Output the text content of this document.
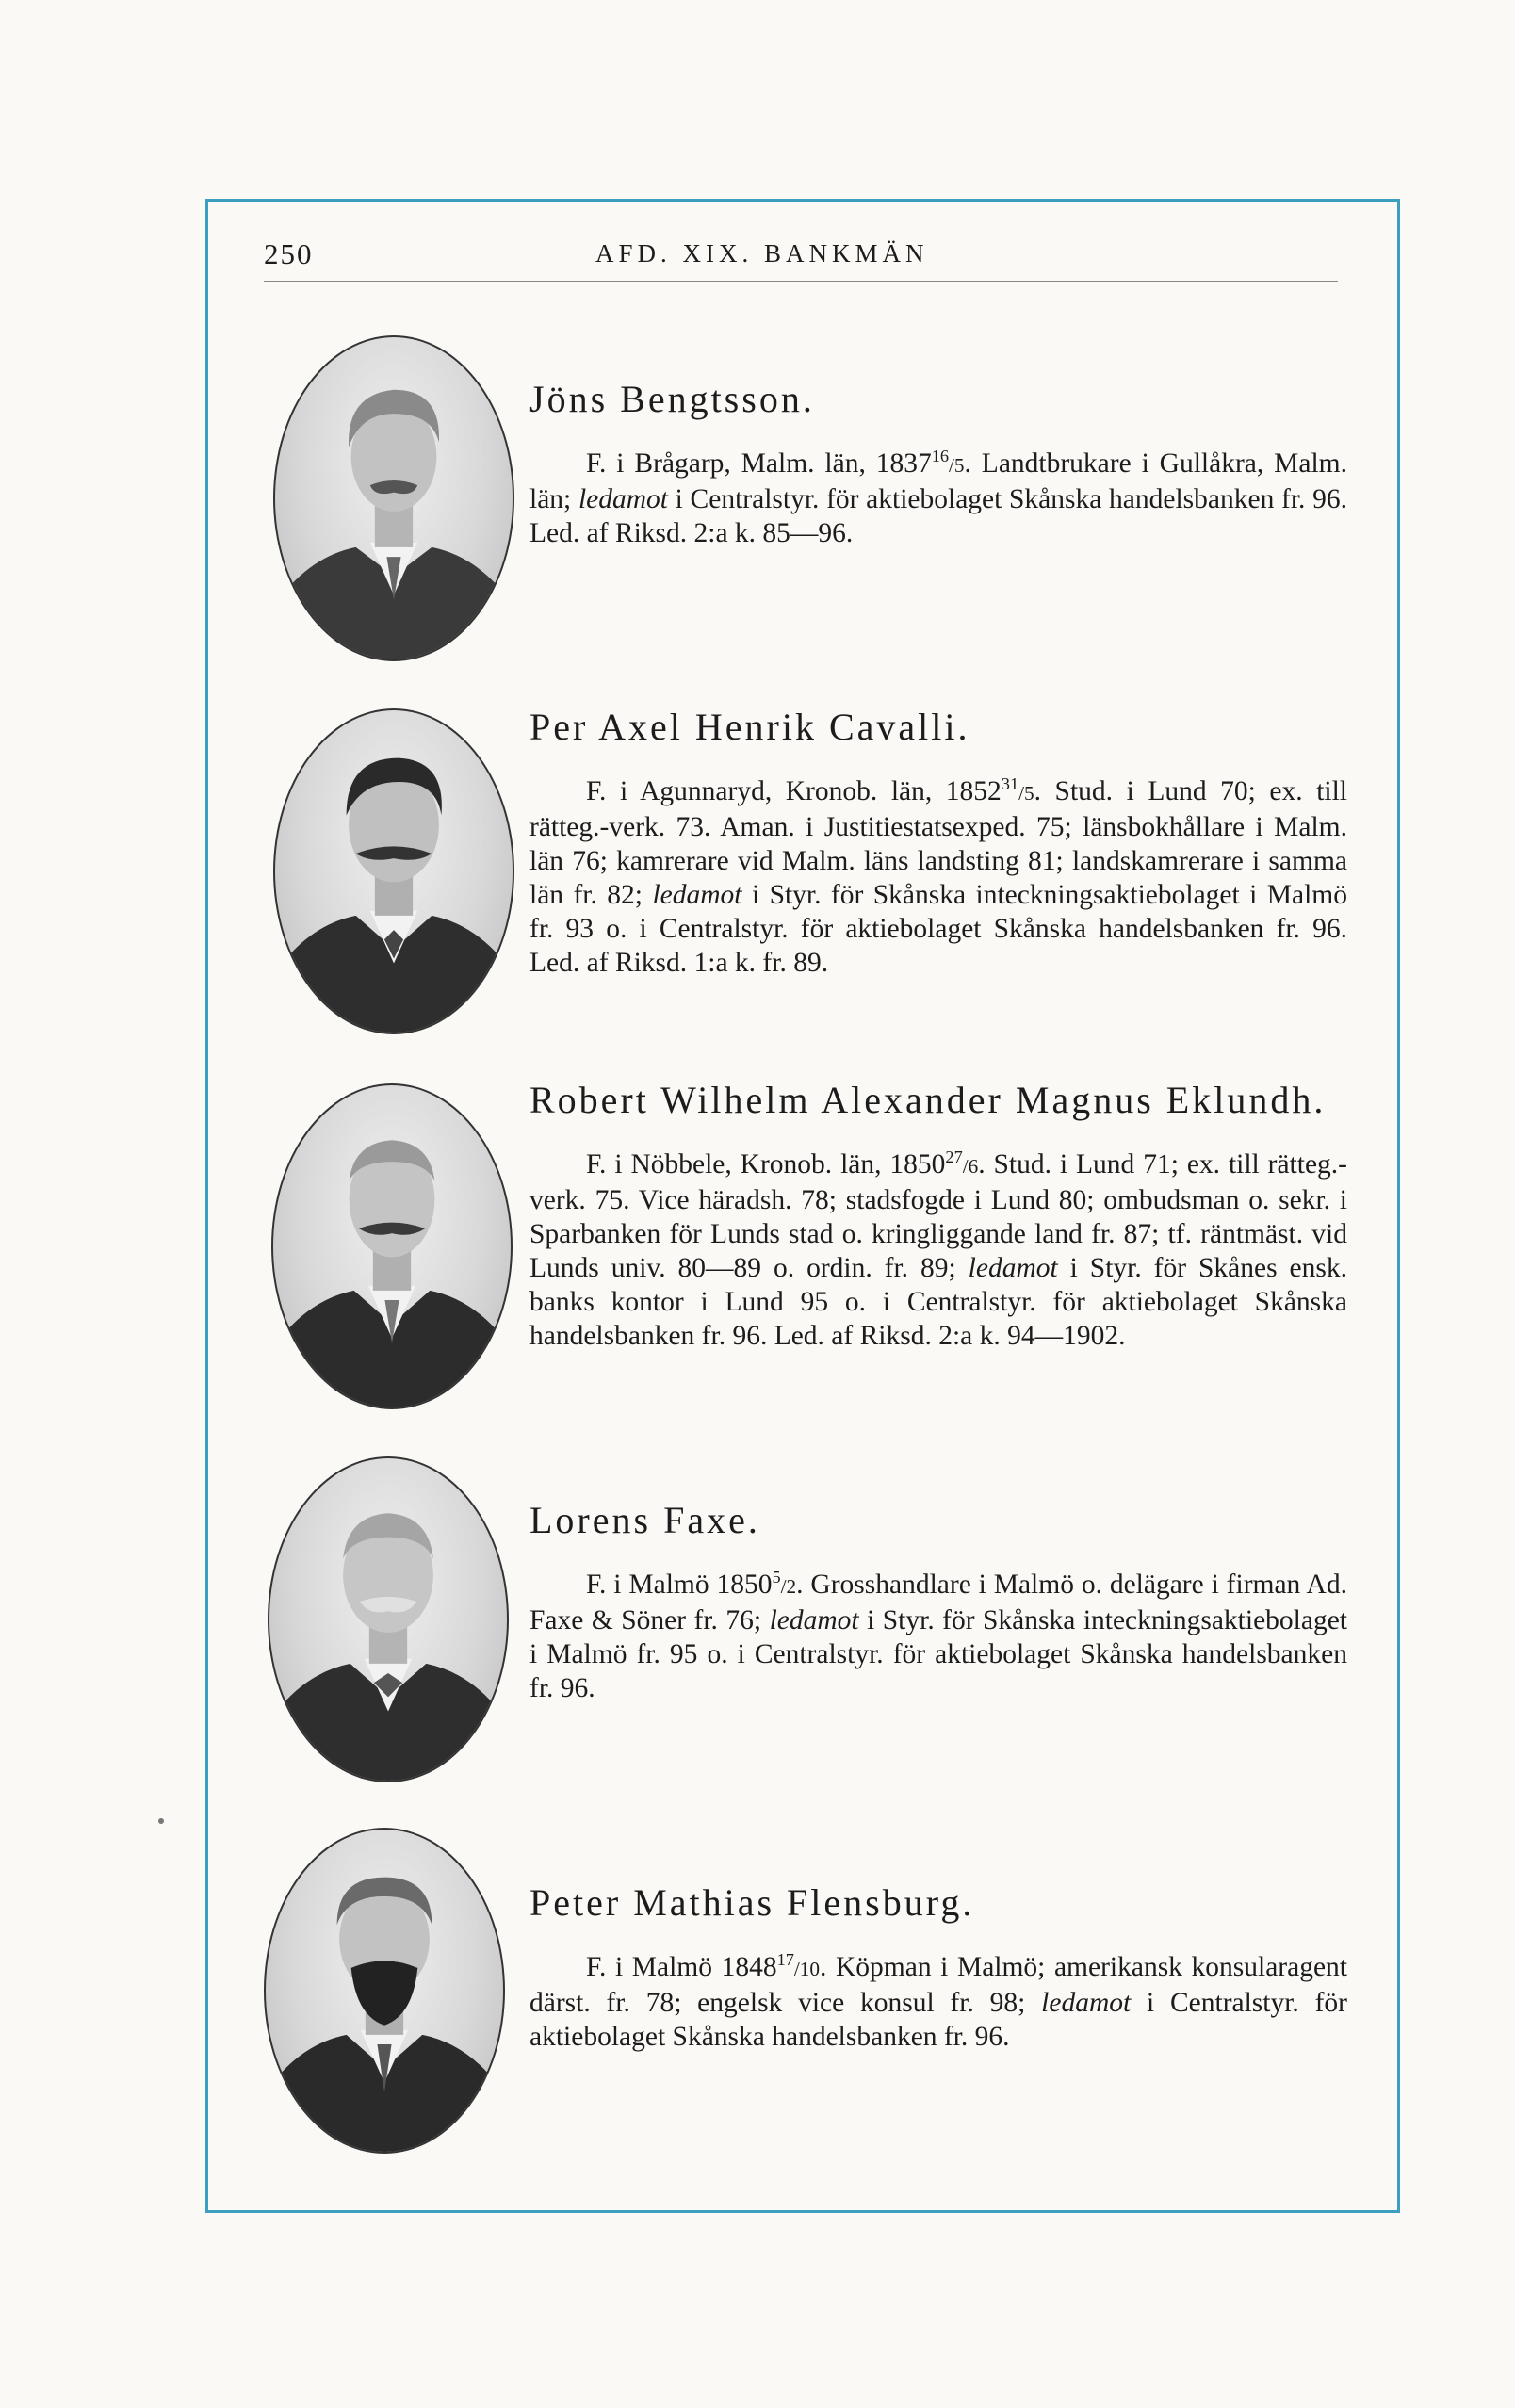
250	AFD. XIX. BANKMÄN

Jöns Bengtsson.

F. i Brågarp, Malm. län, 1837$^{16}$/5. Landtbrukare i Gullåkra, Malm. län; ledamot i Centralstyr. för aktiebolaget Skånska handelsbanken fr. 96. Led. af Riksd. 2:a k. 85—96.

Per Axel Henrik Cavalli.

F. i Agunnaryd, Kronob. län, 1852$^{31}$/5. Stud. i Lund 70; ex. till rätteg.-verk. 73. Aman. i Justitiestatsexped. 75; länsbokhållare i Malm. län 76; kamrerare vid Malm. läns landsting 81; landskamrerare i samma län fr. 82; ledamot i Styr. för Skånska inteckningsaktiebolaget i Malmö fr. 93 o. i Centralstyr. för aktiebolaget Skånska handelsbanken fr. 96. Led. af Riksd. 1:a k. fr. 89.

Robert Wilhelm Alexander Magnus Eklundh.

F. i Nöbbele, Kronob. län, 1850$^{27}$/6. Stud. i Lund 71; ex. till rätteg.-verk. 75. Vice häradsh. 78; stadsfogde i Lund 80; ombudsman o. sekr. i Sparbanken för Lunds stad o. kringliggande land fr. 87; tf. räntmäst. vid Lunds univ. 80—89 o. ordin. fr. 89; ledamot i Styr. för Skånes ensk. banks kontor i Lund 95 o. i Centralstyr. för aktiebolaget Skånska handelsbanken fr. 96. Led. af Riksd. 2:a k. 94—1902.

Lorens Faxe.

F. i Malmö 1850$^5$/2. Grosshandlare i Malmö o. delägare i firman Ad. Faxe & Söner fr. 76; ledamot i Styr. för Skånska inteckningsaktiebolaget i Malmö fr. 95 o. i Centralstyr. för aktiebolaget Skånska handelsbanken fr. 96.

Peter Mathias Flensburg.

F. i Malmö 1848$^{17}$/10. Köpman i Malmö; amerikansk konsularagent därst. fr. 78; engelsk vice konsul fr. 98; ledamot i Centralstyr. för aktiebolaget Skånska handelsbanken fr. 96.
